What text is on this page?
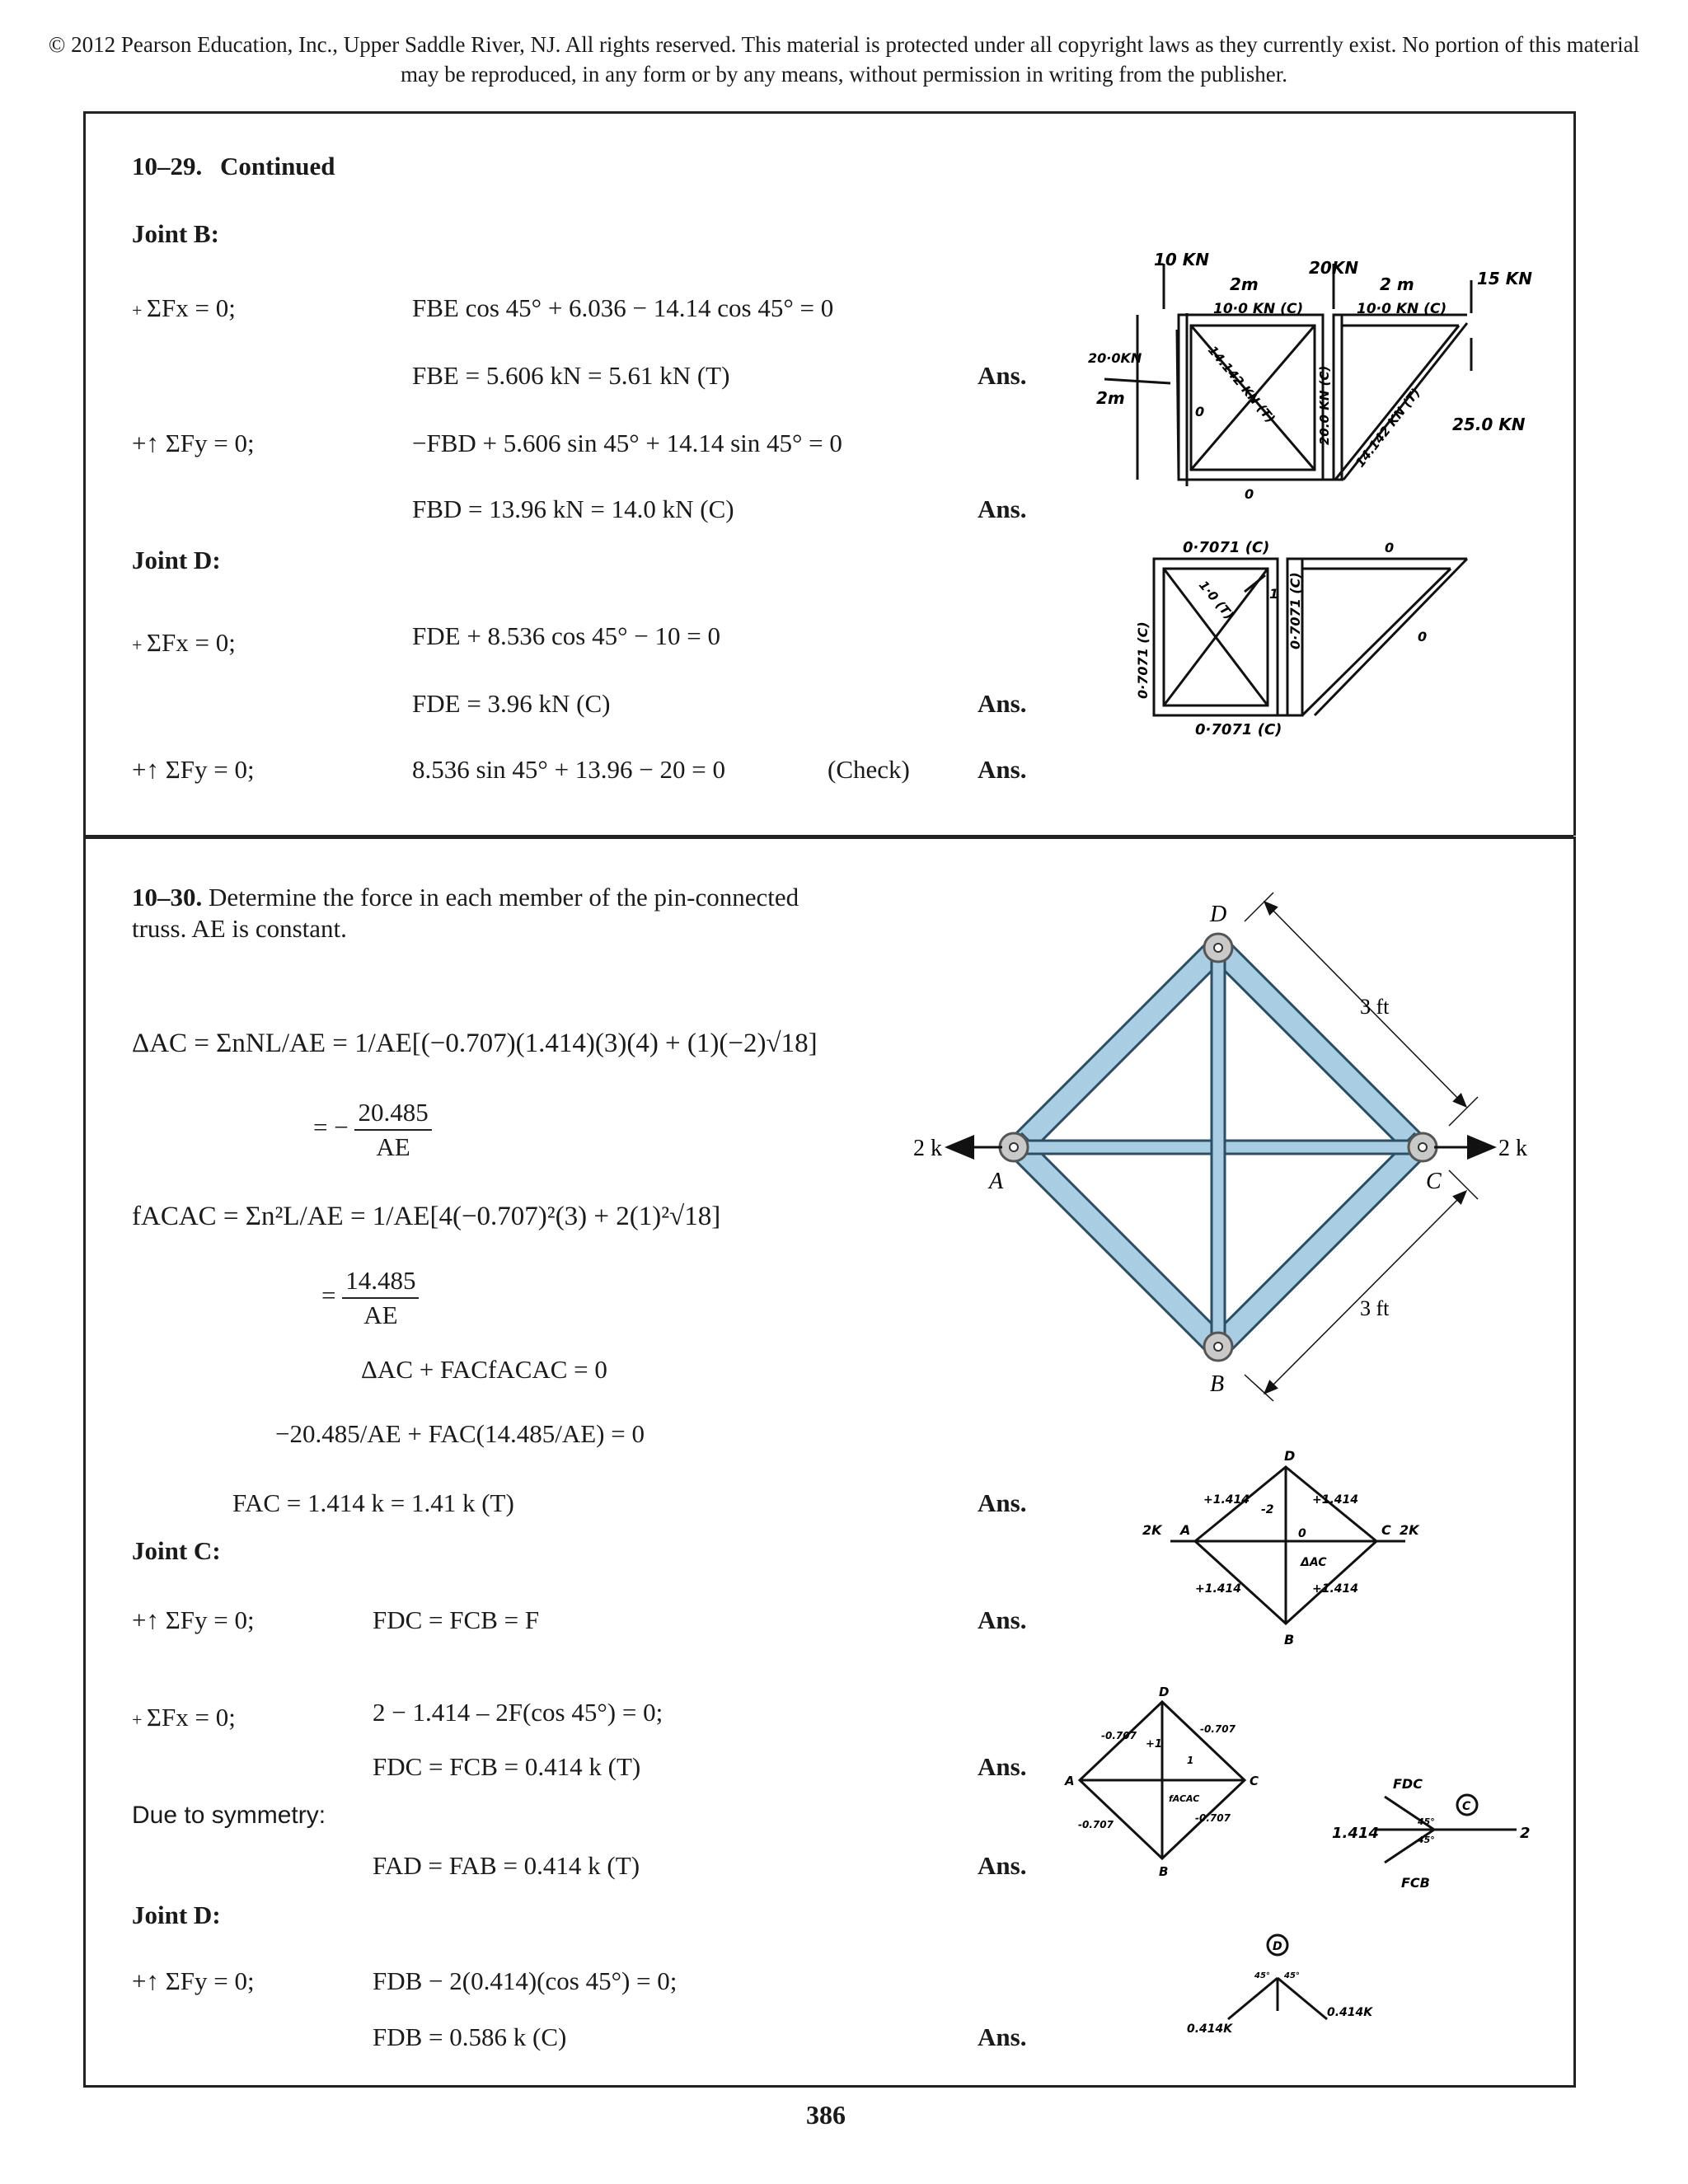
© 2012 Pearson Education, Inc., Upper Saddle River, NJ. All rights reserved. This material is protected under all copyright laws as they currently exist. No portion of this material may be reproduced, in any form or by any means, without permission in writing from the publisher.
10–29. Continued
Joint B:
+ ΣFx = 0;	FBE cos 45° + 6.036 − 14.14 cos 45° = 0
FBE = 5.606 kN = 5.61 kN (T)	Ans.
+↑ ΣFy = 0;	−FBD + 5.606 sin 45° + 14.14 sin 45° = 0
FBD = 13.96 kN = 14.0 kN (C)	Ans.
Joint D:
+ ΣFx = 0;	FDE + 8.536 cos 45° − 10 = 0
FDE = 3.96 kN (C)	Ans.
+↑ ΣFy = 0;	8.536 sin 45° + 13.96 − 20 = 0	(Check)	Ans.
10 KN	20KN
15 KN
2m	2 m
2m
10·0 KN (C)	10·0 KN (C)
14.142 KN (T)	20.0 KN (C) 14.142 KN (T)
20·0KN
25.0 KN
0
0
0·7071 (C)
0·7071 (C)
0·7071 (C)
0·7071 (C)
1·0 (T) 1
0
0
10–30. Determine the force in each member of the pin-connected truss. AE is constant.
ΔAC = ΣnNL/AE = 1/AE[(−0.707)(1.414)(3)(4) + (1)(−2)√18]
= − $\frac{20.485}{AE}$
fACAC = Σn²L/AE = 1/AE[4(−0.707)²(3) + 2(1)²√18]
= $\frac{14.485}{AE}$
ΔAC + FACfACAC = 0
−20.485/AE + FAC(14.485/AE) = 0
FAC = 1.414 k = 1.41 k (T)	Ans.
Joint C:
+↑ ΣFy = 0;	FDC = FCB = F	Ans.
+ ΣFx = 0;	2 − 1.414 – 2F(cos 45°) = 0;
FDC = FCB = 0.414 k (T)	Ans.
Due to symmetry:
FAD = FAB = 0.414 k (T)	Ans.
Joint D:
+↑ ΣFy = 0;	FDB − 2(0.414)(cos 45°) = 0;
FDB = 0.586 k (C)	Ans.
D
A	C
B
3 ft
3 ft
2 k	2 k
D
A
B
C
+1.414	+1.414
+1.414	+1.414
-2
0
2K	2K
ΔAC
D
A
B
C
-0.707
-0.707
-0.707
-0.707
+1
1
fACAC
FDC
FCB
1.414	2
C
45°
45°
D
0.414K
0.414K
45° 45°
386
